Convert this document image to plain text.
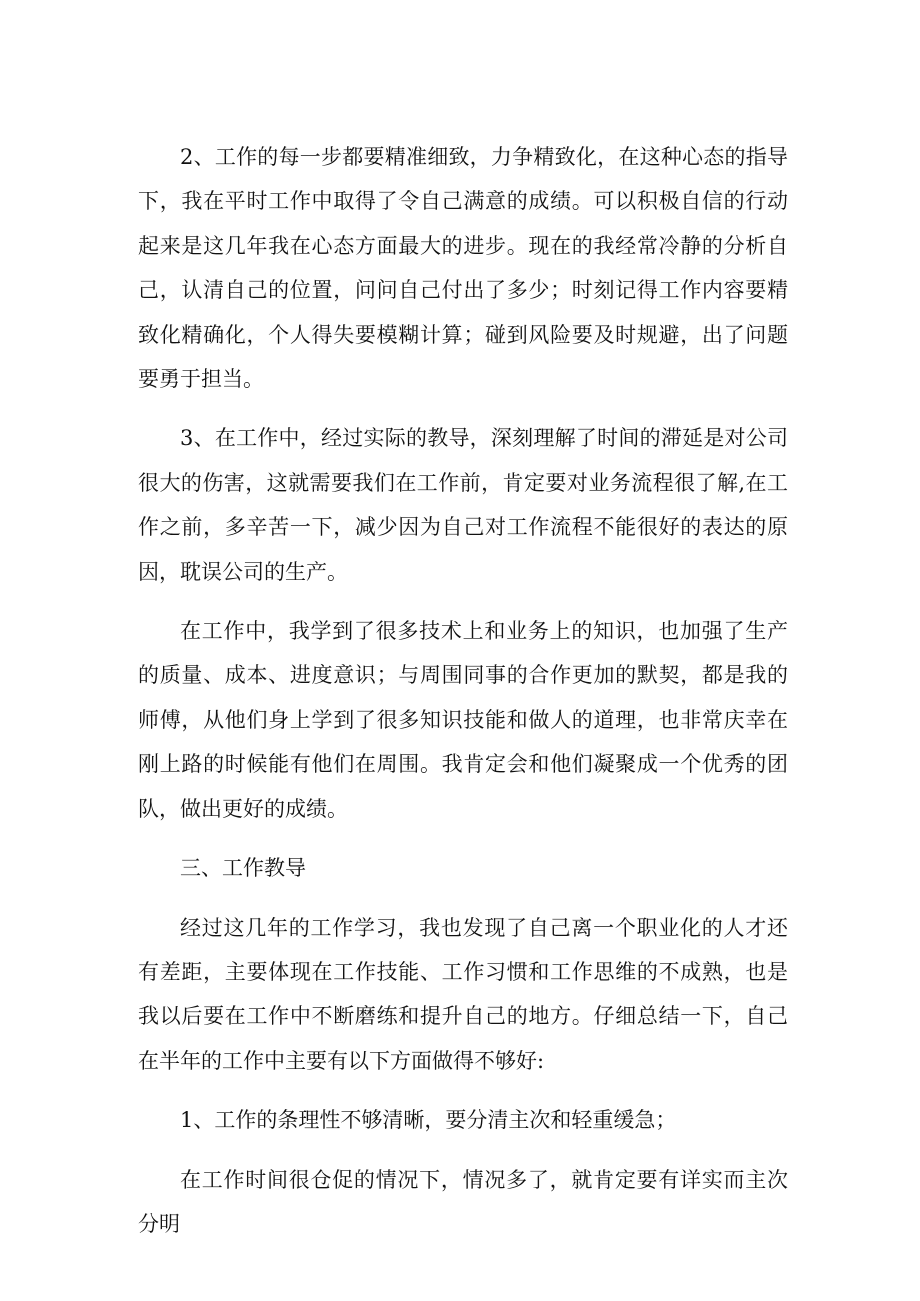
2、工作的每一步都要精准细致，力争精致化，在这种心态的指导下，我在平时工作中取得了令自己满意的成绩。可以积极自信的行动起来是这几年我在心态方面最大的进步。现在的我经常冷静的分析自己，认清自己的位置，问问自己付出了多少；时刻记得工作内容要精致化精确化，个人得失要模糊计算；碰到风险要及时规避，出了问题要勇于担当。

3、在工作中，经过实际的教导，深刻理解了时间的滞延是对公司很大的伤害，这就需要我们在工作前，肯定要对业务流程很了解,在工作之前，多辛苦一下，减少因为自己对工作流程不能很好的表达的原因，耽误公司的生产。

在工作中，我学到了很多技术上和业务上的知识，也加强了生产的质量、成本、进度意识；与周围同事的合作更加的默契，都是我的师傅，从他们身上学到了很多知识技能和做人的道理，也非常庆幸在刚上路的时候能有他们在周围。我肯定会和他们凝聚成一个优秀的团队，做出更好的成绩。

三、工作教导

经过这几年的工作学习，我也发现了自己离一个职业化的人才还有差距，主要体现在工作技能、工作习惯和工作思维的不成熟，也是我以后要在工作中不断磨练和提升自己的地方。仔细总结一下，自己在半年的工作中主要有以下方面做得不够好:

1、工作的条理性不够清晰，要分清主次和轻重缓急；

在工作时间很仓促的情况下，情况多了，就肯定要有详实而主次分明
